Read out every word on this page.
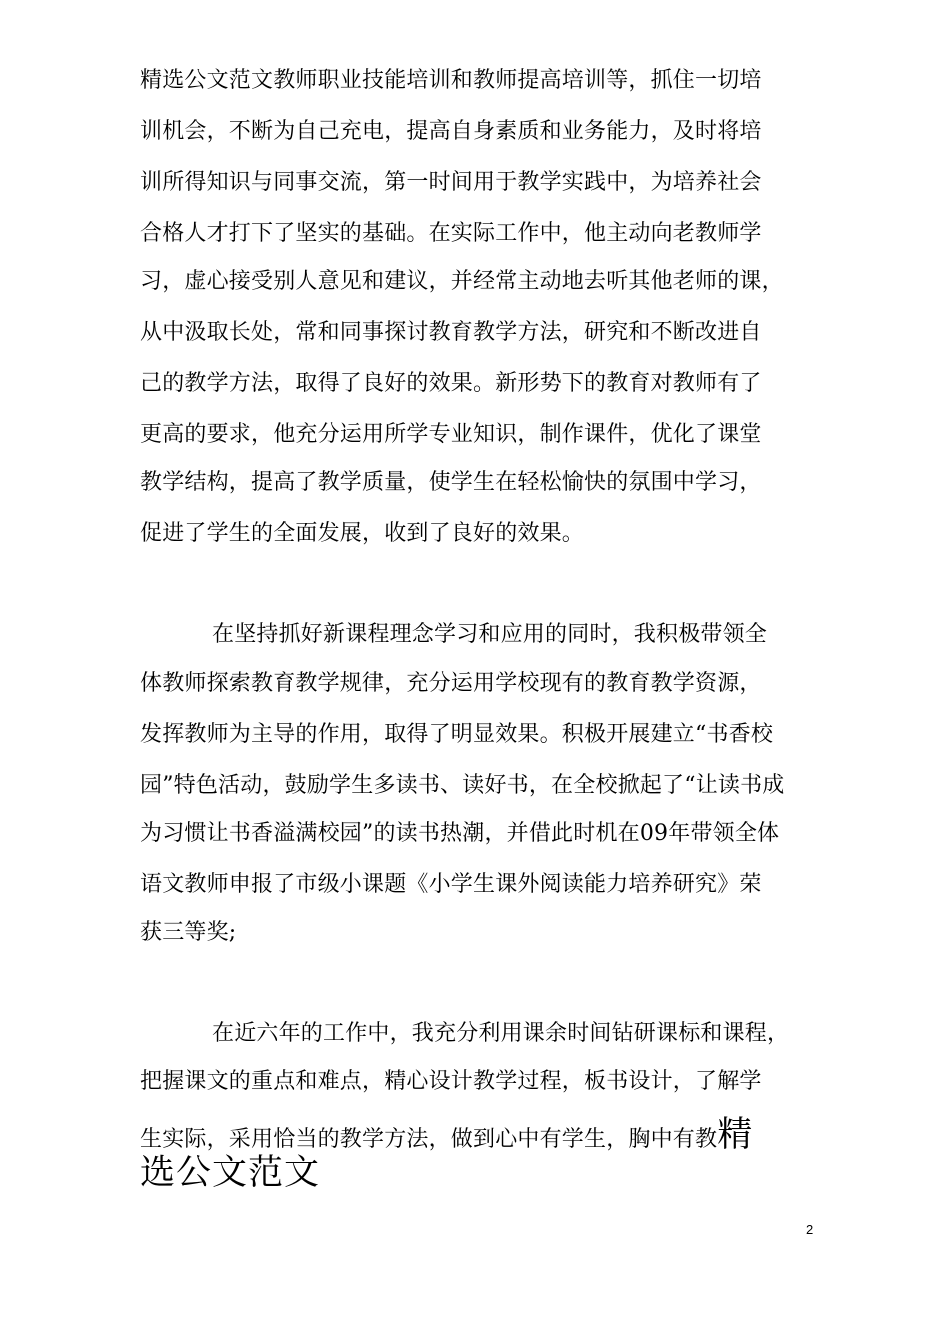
精选公文范文教师职业技能培训和教师提高培训等，抓住一切培
训机会，不断为自己充电，提高自身素质和业务能力，及时将培
训所得知识与同事交流，第一时间用于教学实践中，为培养社会
合格人才打下了坚实的基础。在实际工作中，他主动向老教师学
习，虚心接受别人意见和建议，并经常主动地去听其他老师的课，
从中汲取长处，常和同事探讨教育教学方法，研究和不断改进自
己的教学方法，取得了良好的效果。新形势下的教育对教师有了
更高的要求，他充分运用所学专业知识，制作课件，优化了课堂
教学结构，提高了教学质量，使学生在轻松愉快的氛围中学习，
促进了学生的全面发展，收到了良好的效果。
在坚持抓好新课程理念学习和应用的同时，我积极带领全
体教师探索教育教学规律，充分运用学校现有的教育教学资源，
发挥教师为主导的作用，取得了明显效果。积极开展建立“书香校
园”特色活动，鼓励学生多读书、读好书，在全校掀起了“让读书成
为习惯让书香溢满校园”的读书热潮，并借此时机在09年带领全体
语文教师申报了市级小课题《小学生课外阅读能力培养研究》荣
获三等奖;
在近六年的工作中，我充分利用课余时间钻研课标和课程，
把握课文的重点和难点，精心设计教学过程，板书设计，了解学
生实际，采用恰当的教学方法，做到心中有学生，胸中有教精
选公文范文
2
